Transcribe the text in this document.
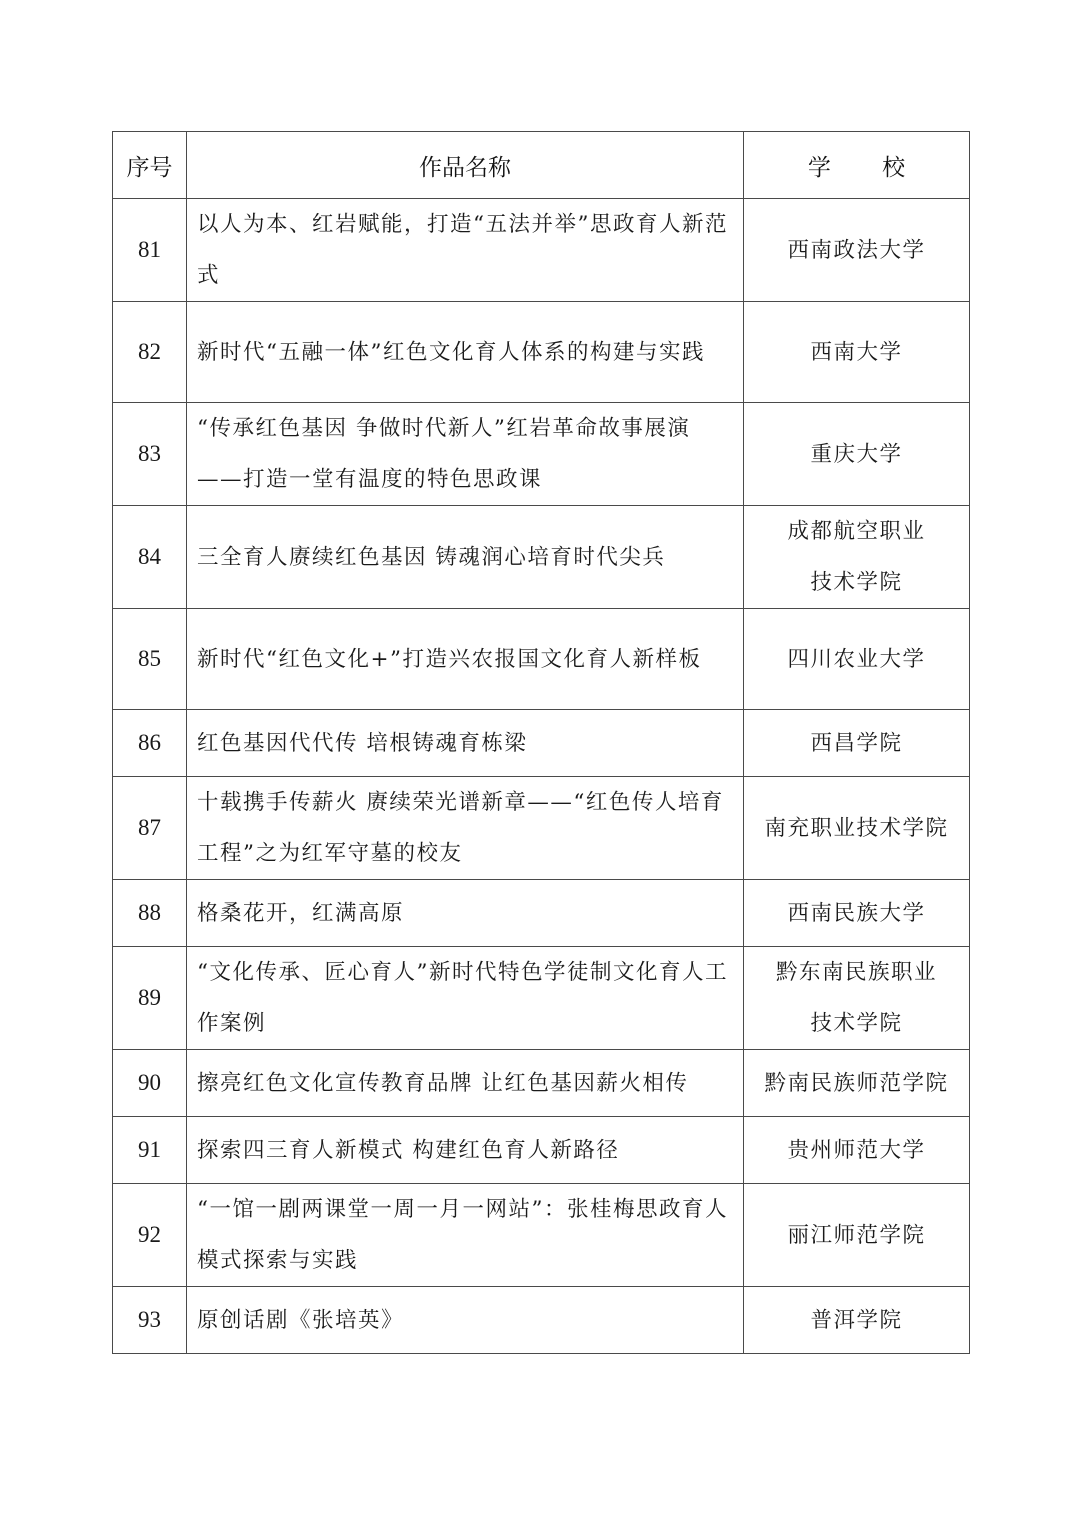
序号	作品名称	学 校
81	以人为本、红岩赋能，打造“五法并举”思政育人新范式	西南政法大学
82	新时代“五融一体”红色文化育人体系的构建与实践	西南大学
83	“传承红色基因 争做时代新人”红岩革命故事展演——打造一堂有温度的特色思政课	重庆大学
84	三全育人赓续红色基因 铸魂润心培育时代尖兵	成都航空职业技术学院
85	新时代“红色文化+”打造兴农报国文化育人新样板	四川农业大学
86	红色基因代代传 培根铸魂育栋梁	西昌学院
87	十载携手传薪火 赓续荣光谱新章——“红色传人培育工程”之为红军守墓的校友	南充职业技术学院
88	格桑花开，红满高原	西南民族大学
89	“文化传承、匠心育人”新时代特色学徒制文化育人工作案例	黔东南民族职业技术学院
90	擦亮红色文化宣传教育品牌 让红色基因薪火相传	黔南民族师范学院
91	探索四三育人新模式 构建红色育人新路径	贵州师范大学
92	“一馆一剧两课堂一周一月一网站”：张桂梅思政育人模式探索与实践	丽江师范学院
93	原创话剧《张培英》	普洱学院
